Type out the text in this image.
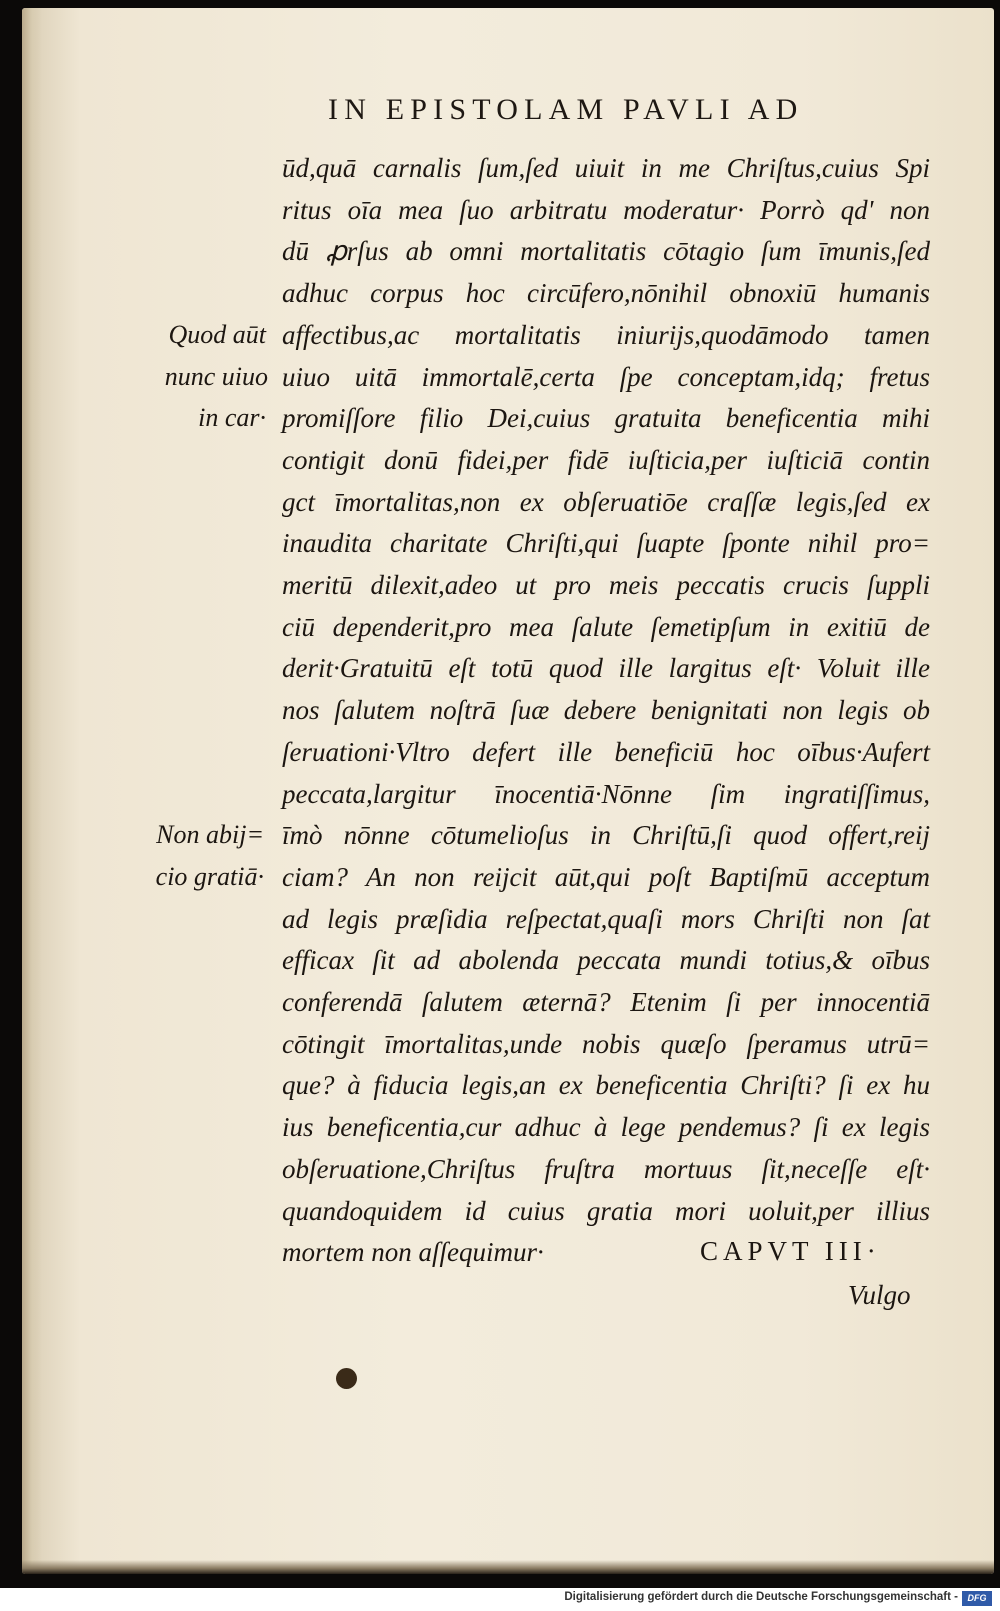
IN EPISTOLAM PAVLI AD
ūd,quā carnalis ſum,ſed uiuit in me Chriſtus,cuius Spi
ritus oīa mea ſuo arbitratu moderatur· Porrò qd' non
dū ꝓrſus ab omni mortalitatis cōtagio ſum īmunis,ſed
adhuc corpus hoc circūfero,nōnihil obnoxiū humanis
affectibus,ac mortalitatis iniurijs,quodāmodo tamen
uiuo uitā immortalē,certa ſpe conceptam,idq; fretus
promiſſore filio Dei,cuius gratuita beneficentia mihi
contigit donū fidei,per fidē iuſticia,per iuſticiā contin
gct īmortalitas,non ex obſeruatiōe craſſæ legis,ſed ex
inaudita charitate Chriſti,qui ſuapte ſponte nihil pro=
meritū dilexit,adeo ut pro meis peccatis crucis ſuppli
ciū dependerit,pro mea ſalute ſemetipſum in exitiū de
derit·Gratuitū eſt totū quod ille largitus eſt· Voluit ille
nos ſalutem noſtrā ſuæ debere benignitati non legis ob
ſeruationi·Vltro defert ille beneficiū hoc oībus·Aufert
peccata,largitur īnocentiā·Nōnne ſim ingratiſſimus,
īmò nōnne cōtumelioſus in Chriſtū,ſi quod offert,reij
ciam? An non reijcit aūt,qui poſt Baptiſmū acceptum
ad legis præſidia reſpectat,quaſi mors Chriſti non ſat
efficax ſit ad abolenda peccata mundi totius,& oībus
conferendā ſalutem æternā? Etenim ſi per innocentiā
cōtingit īmortalitas,unde nobis quæſo ſperamus utrū=
que? à fiducia legis,an ex beneficentia Chriſti? ſi ex hu
ius beneficentia,cur adhuc à lege pendemus? ſi ex legis
obſeruatione,Chriſtus fruſtra mortuus ſit,neceſſe eſt·
quandoquidem id cuius gratia mori uoluit,per illius
mortem non aſſequimur·
Quod aūt
nunc uiuo
in car·
Non abij=
cio gratiā·
CAPVT III·
Vulgo
Digitalisierung gefördert durch die Deutsche Forschungsgemeinschaft -	DFG
